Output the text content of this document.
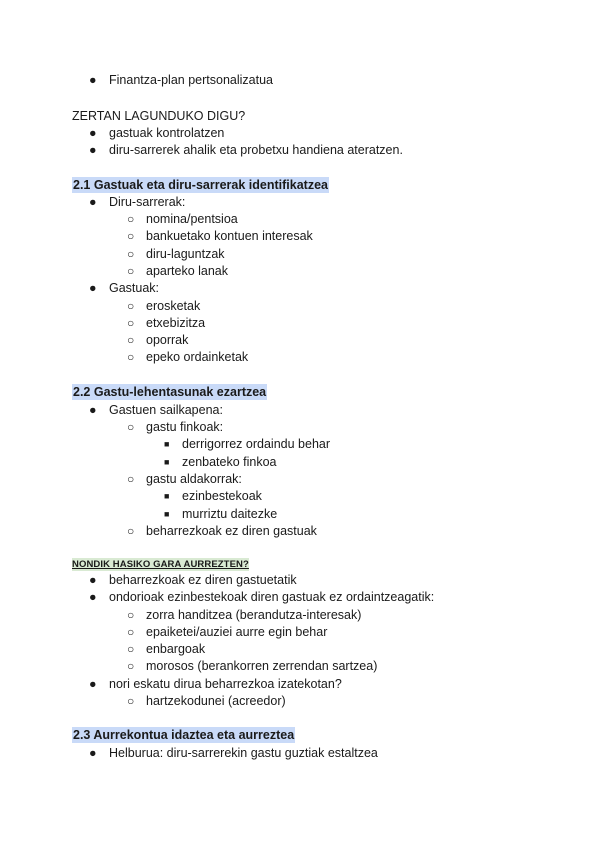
● Finantza-plan pertsonalizatua
ZERTAN LAGUNDUKO DIGU?
● gastuak kontrolatzen
● diru-sarrerek ahalik eta probetxu handiena ateratzen.
2.1 Gastuak eta diru-sarrerak identifikatzea
● Diru-sarrerak:
○ nomina/pentsioa
○ bankuetako kontuen interesak
○ diru-laguntzak
○ aparteko lanak
● Gastuak:
○ erosketak
○ etxebizitza
○ oporrak
○ epeko ordainketak
2.2 Gastu-lehentasunak ezartzea
● Gastuen sailkapena:
○ gastu finkoak:
■ derrigorrez ordaindu behar
■ zenbateko finkoa
○ gastu aldakorrak:
■ ezinbestekoak
■ murriztu daitezke
○ beharrezkoak ez diren gastuak
NONDIK HASIKO GARA AURREZTEN?
● beharrezkoak ez diren gastuetatik
● ondorioak ezinbestekoak diren gastuak ez ordaintzeagatik:
○ zorra handitzea (berandutza-interesak)
○ epaiketei/auziei aurre egin behar
○ enbargoak
○ morosos (berankorren zerrendan sartzea)
● nori eskatu dirua beharrezkoa izatekotan?
○ hartzekodunei (acreedor)
2.3 Aurrekontua idaztea eta aurreztea
● Helburua: diru-sarrerekin gastu guztiak estaltzea
